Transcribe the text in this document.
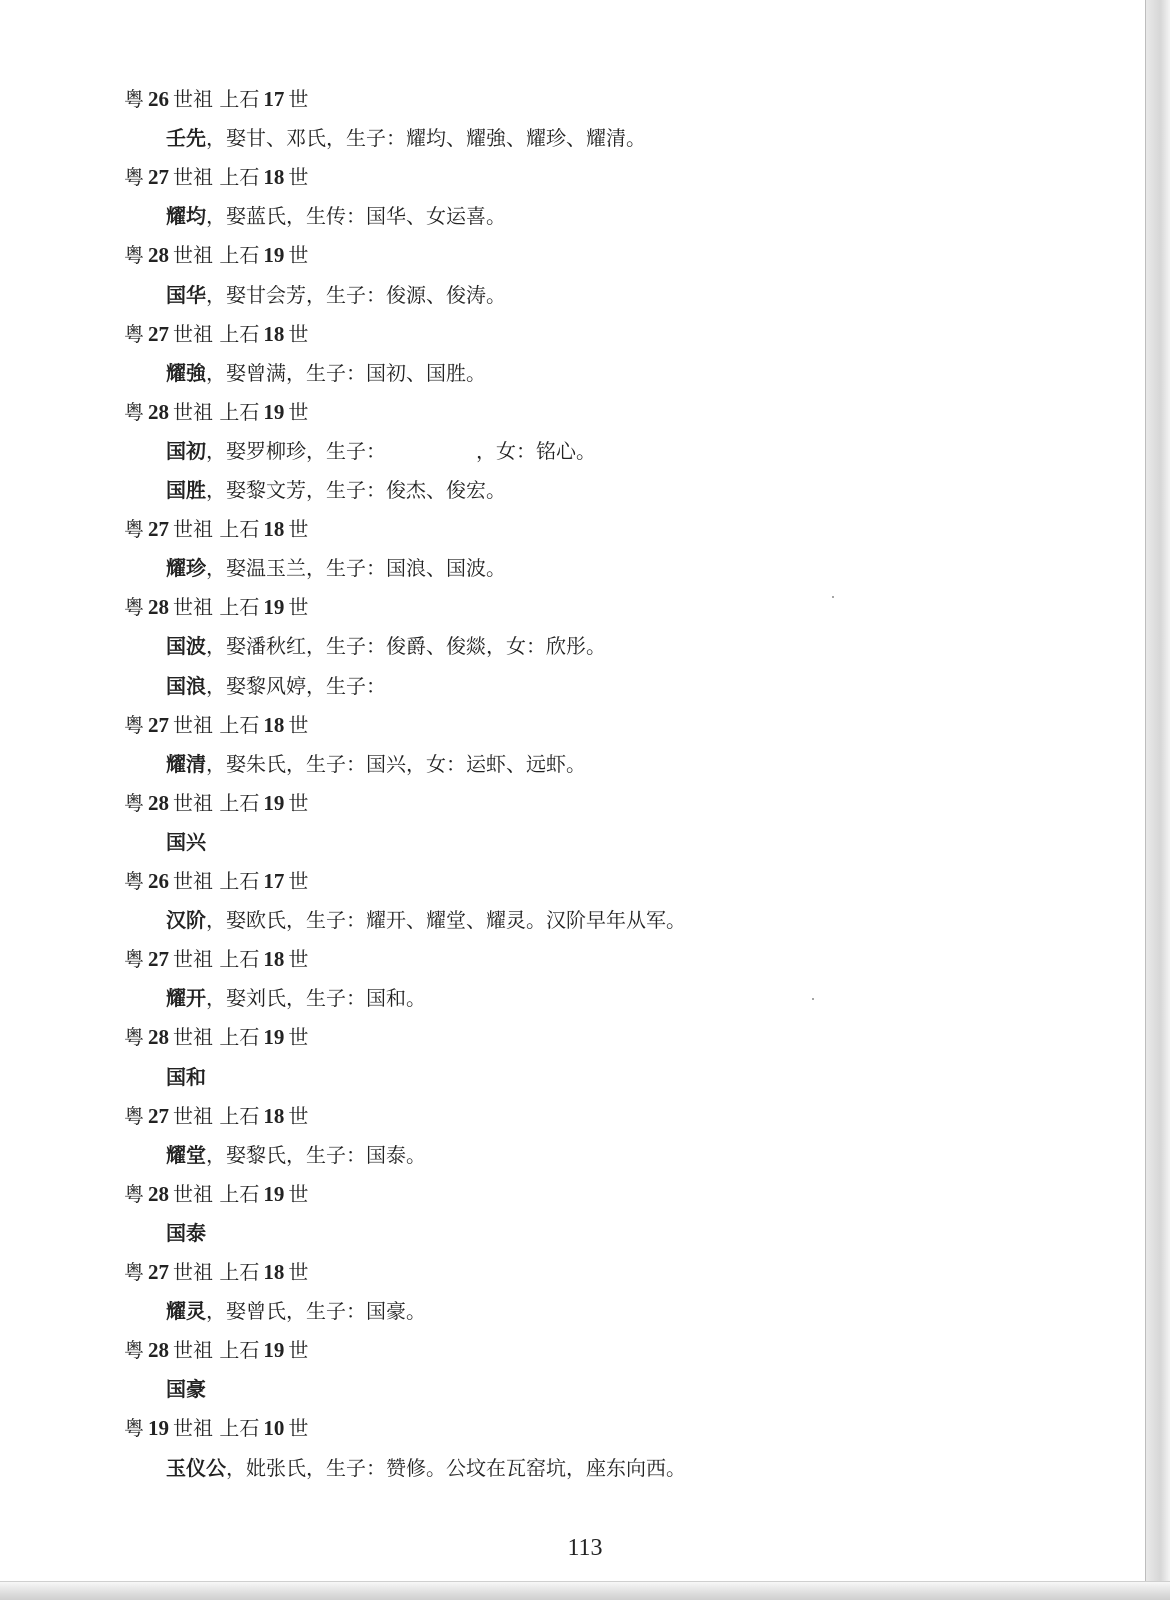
粤 26 世祖 上石 17 世
壬先，娶甘、邓氏，生子：耀均、耀強、耀珍、耀清。
粤 27 世祖 上石 18 世
耀均，娶蓝氏，生传：国华、女运喜。
粤 28 世祖 上石 19 世
国华，娶甘会芳，生子：俊源、俊涛。
粤 27 世祖 上石 18 世
耀強，娶曾满，生子：国初、国胜。
粤 28 世祖 上石 19 世
国初，娶罗柳珍，生子：　　　　　，女：铭心。
国胜，娶黎文芳，生子：俊杰、俊宏。
粤 27 世祖 上石 18 世
耀珍，娶温玉兰，生子：国浪、国波。
粤 28 世祖 上石 19 世
国波，娶潘秋红，生子：俊爵、俊燚，女：欣彤。
国浪，娶黎风婷，生子：
粤 27 世祖 上石 18 世
耀清，娶朱氏，生子：国兴，女：运虾、远虾。
粤 28 世祖 上石 19 世
国兴
粤 26 世祖 上石 17 世
汉阶，娶欧氏，生子：耀开、耀堂、耀灵。汉阶早年从军。
粤 27 世祖 上石 18 世
耀开，娶刘氏，生子：国和。
粤 28 世祖 上石 19 世
国和
粤 27 世祖 上石 18 世
耀堂，娶黎氏，生子：国泰。
粤 28 世祖 上石 19 世
国泰
粤 27 世祖 上石 18 世
耀灵，娶曾氏，生子：国豪。
粤 28 世祖 上石 19 世
国豪
粤 19 世祖 上石 10 世
玉仪公，妣张氏，生子：赞修。公坟在瓦窑坑，座东向西。
113
